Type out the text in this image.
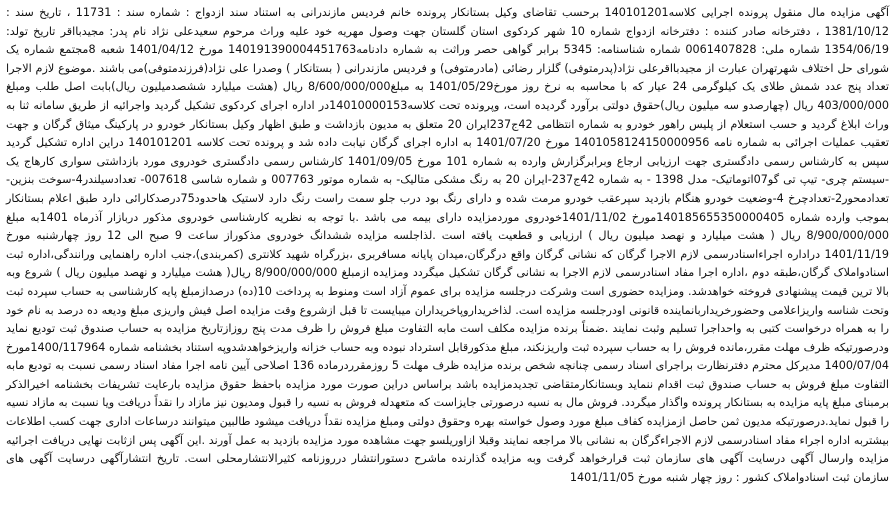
آگهی مزایده مال منقول پرونده اجرایی کلاسه140101201 برحسب تقاضای وکیل بستانکار پرونده خانم فردیس مازندرانی به استناد سند ازدواج : شماره سند : 11731 ، تاریخ سند : 1381/10/12 ، دفترخانه صادر کننده : دفترخانه ازدواج شماره 10 شهر کردکوی استان گلستان جهت وصول مهریه خود علیه وراث مرحوم سعیدعلی نژاد نام پدر: مجیدبااقر تاریخ تولد: 1354/06/19 شماره ملی: 0061407828 شماره شناسنامه: 5345 برابر گواهی حصر وراثت به شماره دادنامه140191390004451763 مورخ 1401/04/12 شعبه 8مجتمع شماره یک شورای حل اختلاف شهرتهران عبارت از مجیدبااقرعلی نژاد(پدرمتوفی) گلزار رضائی (مادرمتوفی) و فردیس مازندرانی ( بستانکار ) وصدرا علی نژاد(فرزندمتوفی)می باشند .موضوع لازم الاجرا تعداد پنج عدد شمش طلای یک کیلوگرمی 24 عیار که با محاسبه به نرخ روز مورخ1401/05/29 به مبلغ8/600/000/000 ریال (هشت میلیارد ششصدمیلیون ریال)بابت اصل طلب ومبلغ 403/000/000 ریال (چهارصدو سه میلیون ریال)حقوق دولتی برآورد گردیده است، وپرونده تحت کلاسه14010000153در اداره اجرای کردکوی تشکیل گردید واجرائیه از طریق سامانه ثنا به وراث ابلاغ گردید و حسب استعلام از پلیس راهور خودرو به شماره انتظامی 42ج237ایران 20 متعلق به مدیون بازداشت و طبق اظهار وکیل بستانکار خودرو در پارکینگ میثاق گرگان و جهت تعقیب عملیات اجرائی به شماره نامه 1401058124150000956 مورخ 1401/07/20 به اداره اجرای گرگان نیابت داده شد و پرونده تحت کلاسه 140101201 دراین اداره تشکیل گردید سپس به کارشناس رسمی دادگستری جهت ارزیابی ارجاع وبرابرگزارش وارده به شماره 101 مورخ 1401/09/05 کارشناس رسمی دادگستری خودروی مورد بازداشتی سواری کارهاج یک -سیستم چری- تیپ تی گو07اتوماتیک- مدل 1398 - به شماره 42ج237-ایران 20 به رنگ مشکی متالیک- به شماره موتور 007763 و شماره شاسی 007618- تعدادسیلندر4-سوخت بنزین-تعدادمحور2-تعدادچرخ 4-وضعیت خودرو هنگام بازدید سپرعقب خودرو مرمت شده و دارای رنگ بود درب جلو سمت راست رنگ دارد لاستیک هاحدود75درصدکارائی دارد طبق اعلام بستانکار بموجب وارده شماره 140185655350000405مورخ 1401/11/02خودروی موردمزایده دارای بیمه می باشد .با توجه به نظریه کارشناسی خودروی مذکور دربازار آذرماه 1401به مبلغ 8/900/000/000 ریال ( هشت میلیارد و نهصد میلیون ریال ) ارزیابی و قطعیت یافته است .لذاجلسه مزایده ششدانگ خودروی مذکوراز ساعت 9 صبح الی 12 روز چهارشنبه مورخ 1401/11/19 دراداره اجراءاسنادرسمی لازم الاجرا گرگان که نشانی گرگان واقع درگرگان،میدان پایانه مسافربری ،بزرگراه شهید کلانتری (کمربندی)،جنب اداره راهنمایی ورانندگی،اداره ثبت اسنادواملاک گرگان،طبقه دوم ،اداره اجرا مفاد اسنادرسمی لازم الاجرا به نشانی گرگان تشکیل میگردد ومزایده ازمبلغ 8/900/000/000 ریال( هشت میلیارد و نهصد میلیون ریال ) شروع وبه بالا ترین قیمت پیشنهادی فروخته خواهدشد. ومزایده حضوری است وشرکت درجلسه مزایده برای عموم آزاد است ومنوط به پرداخت 10(ده) درصدازمبلغ پایه کارشناسی به حساب سپرده ثبت وتحت شناسه واریزاعلامی وحضورخریداربانماینده قانونی اودرجلسه مزایده است. لذاخریداروپاخریداران میبایست تا قبل ازشروع وقت مزایده اصل فیش واریزی مبلغ ودیعه ده درصد به نام خود را به همراه درخواست کتبی به واحداجرا تسلیم وثبت نمایند .ضمناً برنده مزایده مکلف است مابه التفاوت مبلغ فروش را ظرف مدت پنج روزازتاریخ مزایده به حساب صندوق ثبت تودیع نماید ودرصورتیکه ظرف مهلت مقرر،مانده فروش را به حساب سپرده ثبت واریزنکند، مبلغ مذکورقابل استرداد نبوده وبه حساب خزانه واریزخواهدشدوپه استناد بخشنامه شماره 1400/117964مورخ 1400/07/04 مدیرکل محترم دفترنظارت براجرای اسناد رسمی چنانچه شخص برنده مزایده ظرف مهلت 5 روزمقرردرماده 136 اصلاحی آیین نامه اجرا مفاد اسناد رسمی نسبت به تودیع مابه التفاوت مبلغ فروش به حساب صندوق ثبت اقدام ننماید وبستانکارمتقاضی تجدیدمزایده باشد براساس دراین صورت مورد مزایده باحفظ حقوق مزایده بارعایت تشریفات بخشنامه اخیرالذکر برمبنای مبلغ پایه مزایده به بستانکار پرونده واگذار میگردد. فروش مال به نسیه درصورتی جایزاست که متعهدله فروش به نسیه را قبول ومدیون نیز مازاد را نقداً دریافت ویا نسبت به مازاد نسیه را قبول نماید.درصورتیکه مدیون ثمن حاصل ازمزایده کفاف مبلغ مورد وصول خواسته بهره وحقوق دولتی ومبلغ مزایده نقداً دریافت میشود طالبین میتوانند درساعات اداری جهت کسب اطلاعات بیشتربه اداره اجراء مفاد اسنادرسمی لازم الاجراءگرگان به نشانی بالا مراجعه نمایند وقبلا ازاوریلسو جهت مشاهده مورد مزایده بازدید به عمل آورند .این آگهی پس ازثابت نهایی دریافت اجرائیه مزایده وارسال آگهی درسایت آگهی های سازمان ثبت قرارخواهد گرفت وبه مزایده گذارنده ماشرح دستورانتشار درروزنامه کثیرالانتشارمحلی است. تاریخ انتشارآگهی درسایت آگهی های سازمان ثبت اسنادواملاک کشور : روز چهار شنبه مورخ 1401/11/05
